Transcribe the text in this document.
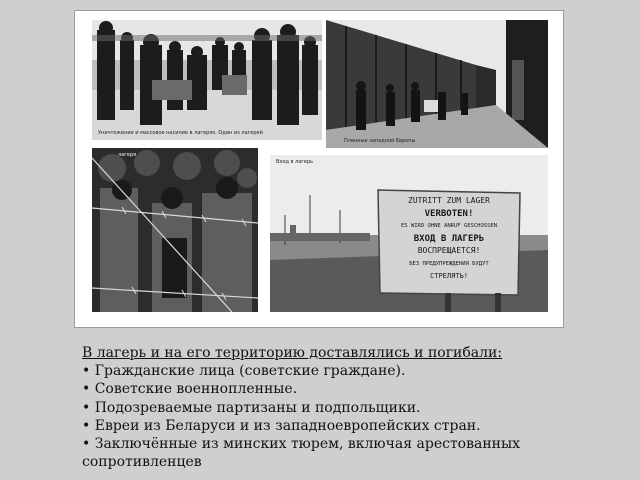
Уничтожение и массовое насилие в лагерях. Один из лагерей
Пленные западной Европы
лагеря
Вход в лагерь
ZUTRITT ZUM LAGER
VERBOTEN!
ES WIRD OHNE ANRUF GESCHOSSEN
ВХОД В ЛАГЕРЬ
ВОСПРЕЩАЕТСЯ!
БЕЗ ПРЕДУПРЕЖДЕНИЯ БУДУТ
СТРЕЛЯТЬ!
В лагерь и на его территорию доставлялись и погибали:
• Гражданские лица (советские граждане).
• Советские военнопленные.
• Подозреваемые партизаны и подпольщики.
• Евреи из Беларуси и из западноевропейских стран.
• Заключённые из минских тюрем, включая арестованных сопротивленцев
